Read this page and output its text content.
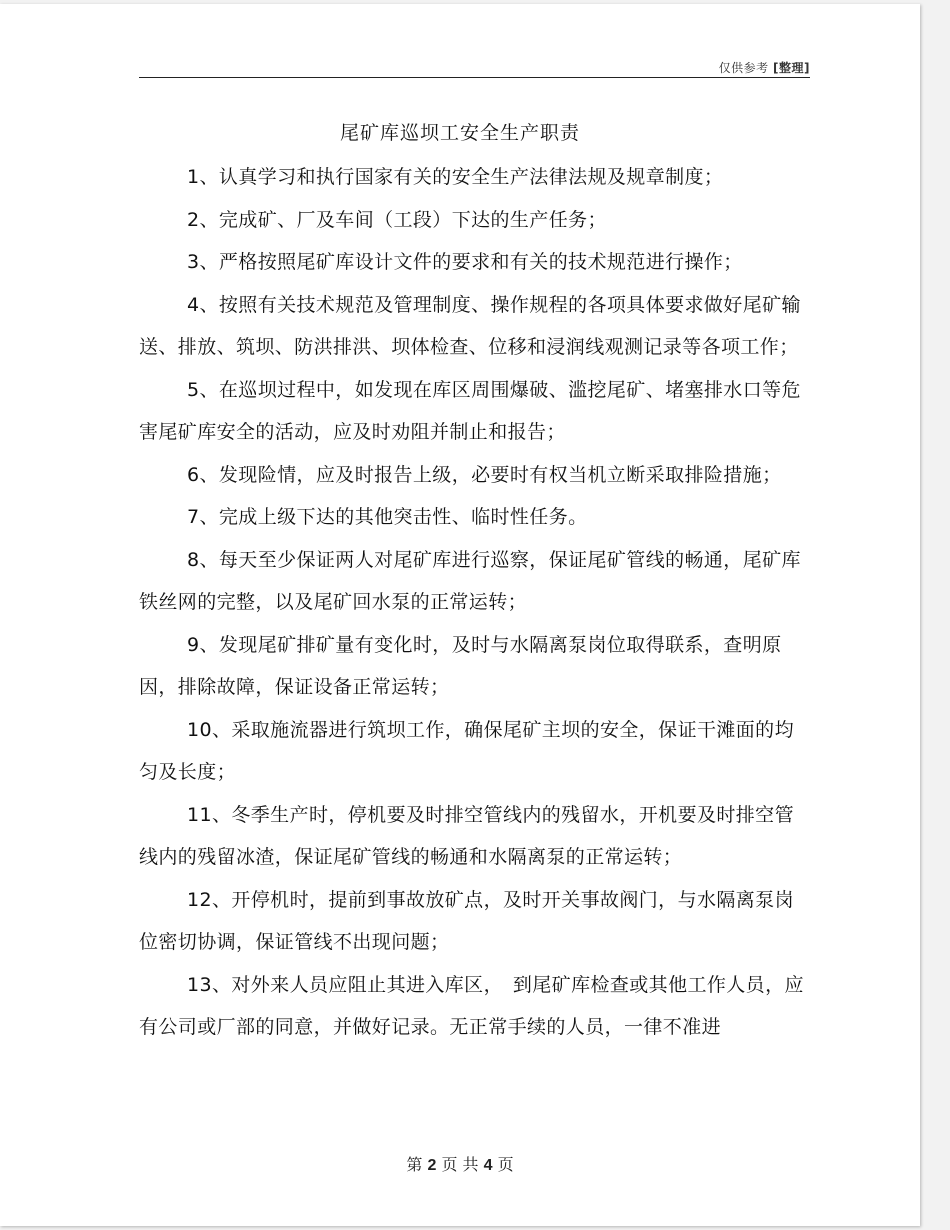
仅供参考 [整理]
尾矿库巡坝工安全生产职责

1、认真学习和执行国家有关的安全生产法律法规及规章制度；

2、完成矿、厂及车间（工段）下达的生产任务；

3、严格按照尾矿库设计文件的要求和有关的技术规范进行操作；

4、按照有关技术规范及管理制度、操作规程的各项具体要求做好尾矿输送、排放、筑坝、防洪排洪、坝体检查、位移和浸润线观测记录等各项工作；

5、在巡坝过程中，如发现在库区周围爆破、滥挖尾矿、堵塞排水口等危害尾矿库安全的活动，应及时劝阻并制止和报告；

6、发现险情，应及时报告上级，必要时有权当机立断采取排险措施；

7、完成上级下达的其他突击性、临时性任务。

8、每天至少保证两人对尾矿库进行巡察，保证尾矿管线的畅通，尾矿库铁丝网的完整，以及尾矿回水泵的正常运转；

9、发现尾矿排矿量有变化时，及时与水隔离泵岗位取得联系，查明原因，排除故障，保证设备正常运转；

10、采取施流器进行筑坝工作，确保尾矿主坝的安全，保证干滩面的均匀及长度；

11、冬季生产时，停机要及时排空管线内的残留水，开机要及时排空管线内的残留冰渣，保证尾矿管线的畅通和水隔离泵的正常运转；

12、开停机时，提前到事故放矿点，及时开关事故阀门，与水隔离泵岗位密切协调，保证管线不出现问题；

13、对外来人员应阻止其进入库区，　到尾矿库检查或其他工作人员，应有公司或厂部的同意，并做好记录。无正常手续的人员，一律不准进

第 2 页 共 4 页
